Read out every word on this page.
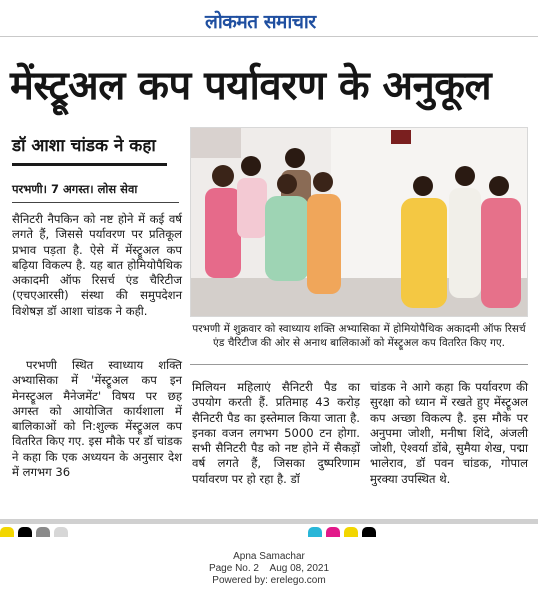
लोकमत समाचार
मेंस्ट्रूअल कप पर्यावरण के अनुकूल
डॉ आशा चांडक ने कहा
परभणी। 7 अगस्त। लोस सेवा

सैनिटरी नैपकिन को नष्ट होने में कई वर्ष लगते हैं, जिससे पर्यावरण पर प्रतिकूल प्रभाव पड़ता है. ऐसे में मेंस्ट्रूअल कप बढ़िया विकल्प है. यह बात होमियोपैथिक अकादमी ऑफ रिसर्च एंड चैरिटीज (एचएआरसी) संस्था की समुपदेशन विशेषज्ञ डॉ आशा चांडक ने कही.

परभणी स्थित स्वाध्याय शक्ति अभ्यासिका में 'मेंस्ट्रूअल कप इन मेनस्ट्रूअल मैनेजमेंट' विषय पर छह अगस्त को आयोजित कार्यशाला में बालिकाओं को नि:शुल्क मेंस्ट्रूअल कप वितरित किए गए. इस मौके पर डॉ चांडक ने कहा कि एक अध्ययन के अनुसार देश में लगभग 36

मिलियन महिलाएं सैनिटरी पैड का उपयोग करती हैं. प्रतिमाह 43 करोड़ सैनिटरी पैड का इस्तेमाल किया जाता है. इनका वजन लगभग 5000 टन होगा. सभी सैनिटरी पैड को नष्ट होने में सैकड़ों वर्ष लगते हैं, जिसका दुष्परिणाम पर्यावरण पर हो रहा है. डॉ

चांडक ने आगे कहा कि पर्यावरण की सुरक्षा को ध्यान में रखते हुए मेंस्ट्रूअल कप अच्छा विकल्प है. इस मौके पर अनुपमा जोशी, मनीषा शिंदे, अंजली जोशी, ऐश्वर्या डोंबे, सुमैया शेख, पद्मा भालेराव, डॉ पवन चांडक, गोपाल मुरक्या उपस्थित थे.

परभणी में शुक्रवार को स्वाध्याय शक्ति अभ्यासिका में होमियोपैथिक अकादमी ऑफ रिसर्च एंड चैरिटीज की ओर से अनाथ बालिकाओं को मेंस्ट्रूअल कप वितरित किए गए.
Apna Samachar
Page No. 2    Aug 08, 2021
Powered by: erelego.com
